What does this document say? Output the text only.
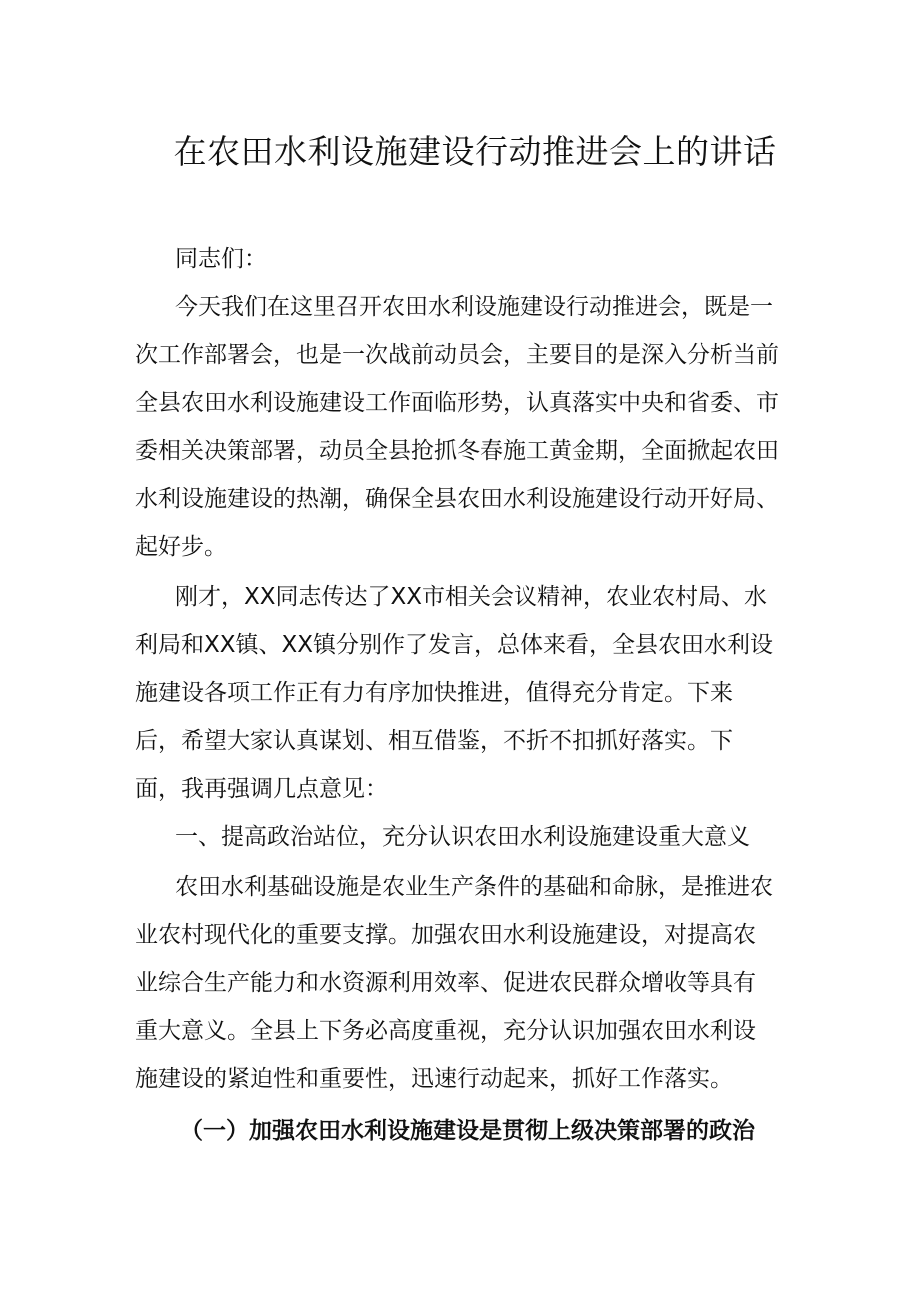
在农田水利设施建设行动推进会上的讲话

同志们：

今天我们在这里召开农田水利设施建设行动推进会，既是一

次工作部署会，也是一次战前动员会，主要目的是深入分析当前

全县农田水利设施建设工作面临形势，认真落实中央和省委、市

委相关决策部署，动员全县抢抓冬春施工黄金期，全面掀起农田

水利设施建设的热潮，确保全县农田水利设施建设行动开好局、

起好步。

刚才，XX同志传达了XX市相关会议精神，农业农村局、水

利局和XX镇、XX镇分别作了发言，总体来看，全县农田水利设

施建设各项工作正有力有序加快推进，值得充分肯定。下来

后，希望大家认真谋划、相互借鉴，不折不扣抓好落实。下

面，我再强调几点意见：

一、提高政治站位，充分认识农田水利设施建设重大意义

农田水利基础设施是农业生产条件的基础和命脉，是推进农

业农村现代化的重要支撑。加强农田水利设施建设，对提高农

业综合生产能力和水资源利用效率、促进农民群众增收等具有

重大意义。全县上下务必高度重视，充分认识加强农田水利设

施建设的紧迫性和重要性，迅速行动起来，抓好工作落实。

（一）加强农田水利设施建设是贯彻上级决策部署的政治
